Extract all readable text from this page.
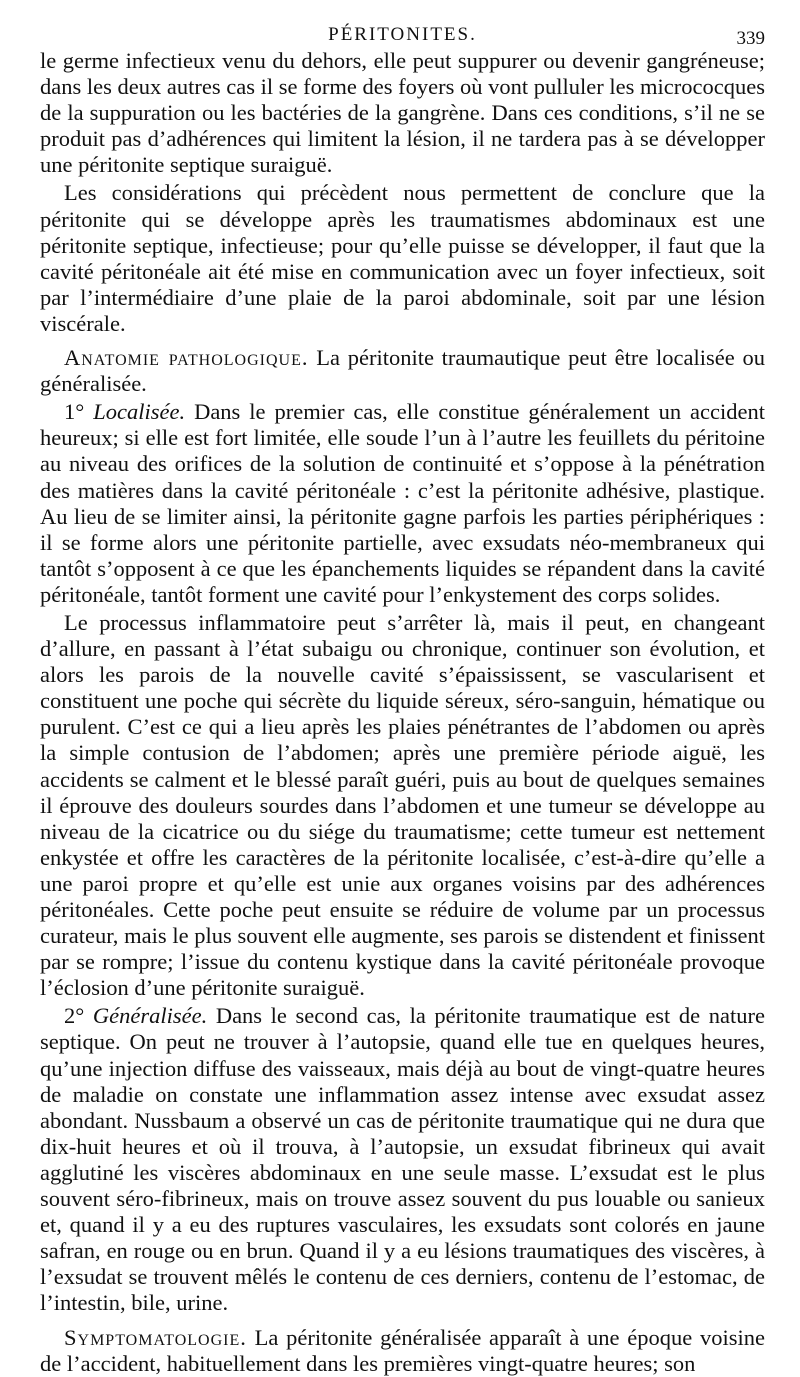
PÉRITONITES.	339

le germe infectieux venu du dehors, elle peut suppurer ou devenir gangréneuse; dans les deux autres cas il se forme des foyers où vont pulluler les micrococques de la suppuration ou les bactéries de la gangrène. Dans ces conditions, s’il ne se produit pas d’adhérences qui limitent la lésion, il ne tardera pas à se développer une péritonite septique suraiguë.

Les considérations qui précèdent nous permettent de conclure que la péritonite qui se développe après les traumatismes abdominaux est une péritonite septique, infectieuse; pour qu’elle puisse se développer, il faut que la cavité péritonéale ait été mise en communication avec un foyer infectieux, soit par l’intermédiaire d’une plaie de la paroi abdominale, soit par une lésion viscérale.

Anatomie pathologique. La péritonite traumautique peut être localisée ou généralisée.

1° Localisée. Dans le premier cas, elle constitue généralement un accident heureux; si elle est fort limitée, elle soude l’un à l’autre les feuillets du péritoine au niveau des orifices de la solution de continuité et s’oppose à la pénétration des matières dans la cavité péritonéale : c’est la péritonite adhésive, plastique. Au lieu de se limiter ainsi, la péritonite gagne parfois les parties périphériques : il se forme alors une péritonite partielle, avec exsudats néo-membraneux qui tantôt s’opposent à ce que les épanchements liquides se répandent dans la cavité péritonéale, tantôt forment une cavité pour l’enkystement des corps solides.

Le processus inflammatoire peut s’arrêter là, mais il peut, en changeant d’allure, en passant à l’état subaigu ou chronique, continuer son évolution, et alors les parois de la nouvelle cavité s’épaississent, se vascularisent et constituent une poche qui sécrète du liquide séreux, séro-sanguin, hématique ou purulent. C’est ce qui a lieu après les plaies pénétrantes de l’abdomen ou après la simple contusion de l’abdomen; après une première période aiguë, les accidents se calment et le blessé paraît guéri, puis au bout de quelques semaines il éprouve des douleurs sourdes dans l’abdomen et une tumeur se développe au niveau de la cicatrice ou du siége du traumatisme; cette tumeur est nettement enkystée et offre les caractères de la péritonite localisée, c’est-à-dire qu’elle a une paroi propre et qu’elle est unie aux organes voisins par des adhérences péritonéales. Cette poche peut ensuite se réduire de volume par un processus curateur, mais le plus souvent elle augmente, ses parois se distendent et finissent par se rompre; l’issue du contenu kystique dans la cavité péritonéale provoque l’éclosion d’une péritonite suraiguë.

2° Généralisée. Dans le second cas, la péritonite traumatique est de nature septique. On peut ne trouver à l’autopsie, quand elle tue en quelques heures, qu’une injection diffuse des vaisseaux, mais déjà au bout de vingt-quatre heures de maladie on constate une inflammation assez intense avec exsudat assez abondant. Nussbaum a observé un cas de péritonite traumatique qui ne dura que dix-huit heures et où il trouva, à l’autopsie, un exsudat fibrineux qui avait agglutiné les viscères abdominaux en une seule masse. L’exsudat est le plus souvent séro-fibrineux, mais on trouve assez souvent du pus louable ou sanieux et, quand il y a eu des ruptures vasculaires, les exsudats sont colorés en jaune safran, en rouge ou en brun. Quand il y a eu lésions traumatiques des viscères, à l’exsudat se trouvent mêlés le contenu de ces derniers, contenu de l’estomac, de l’intestin, bile, urine.

Symptomatologie. La péritonite généralisée apparaît à une époque voisine de l’accident, habituellement dans les premières vingt-quatre heures; son
